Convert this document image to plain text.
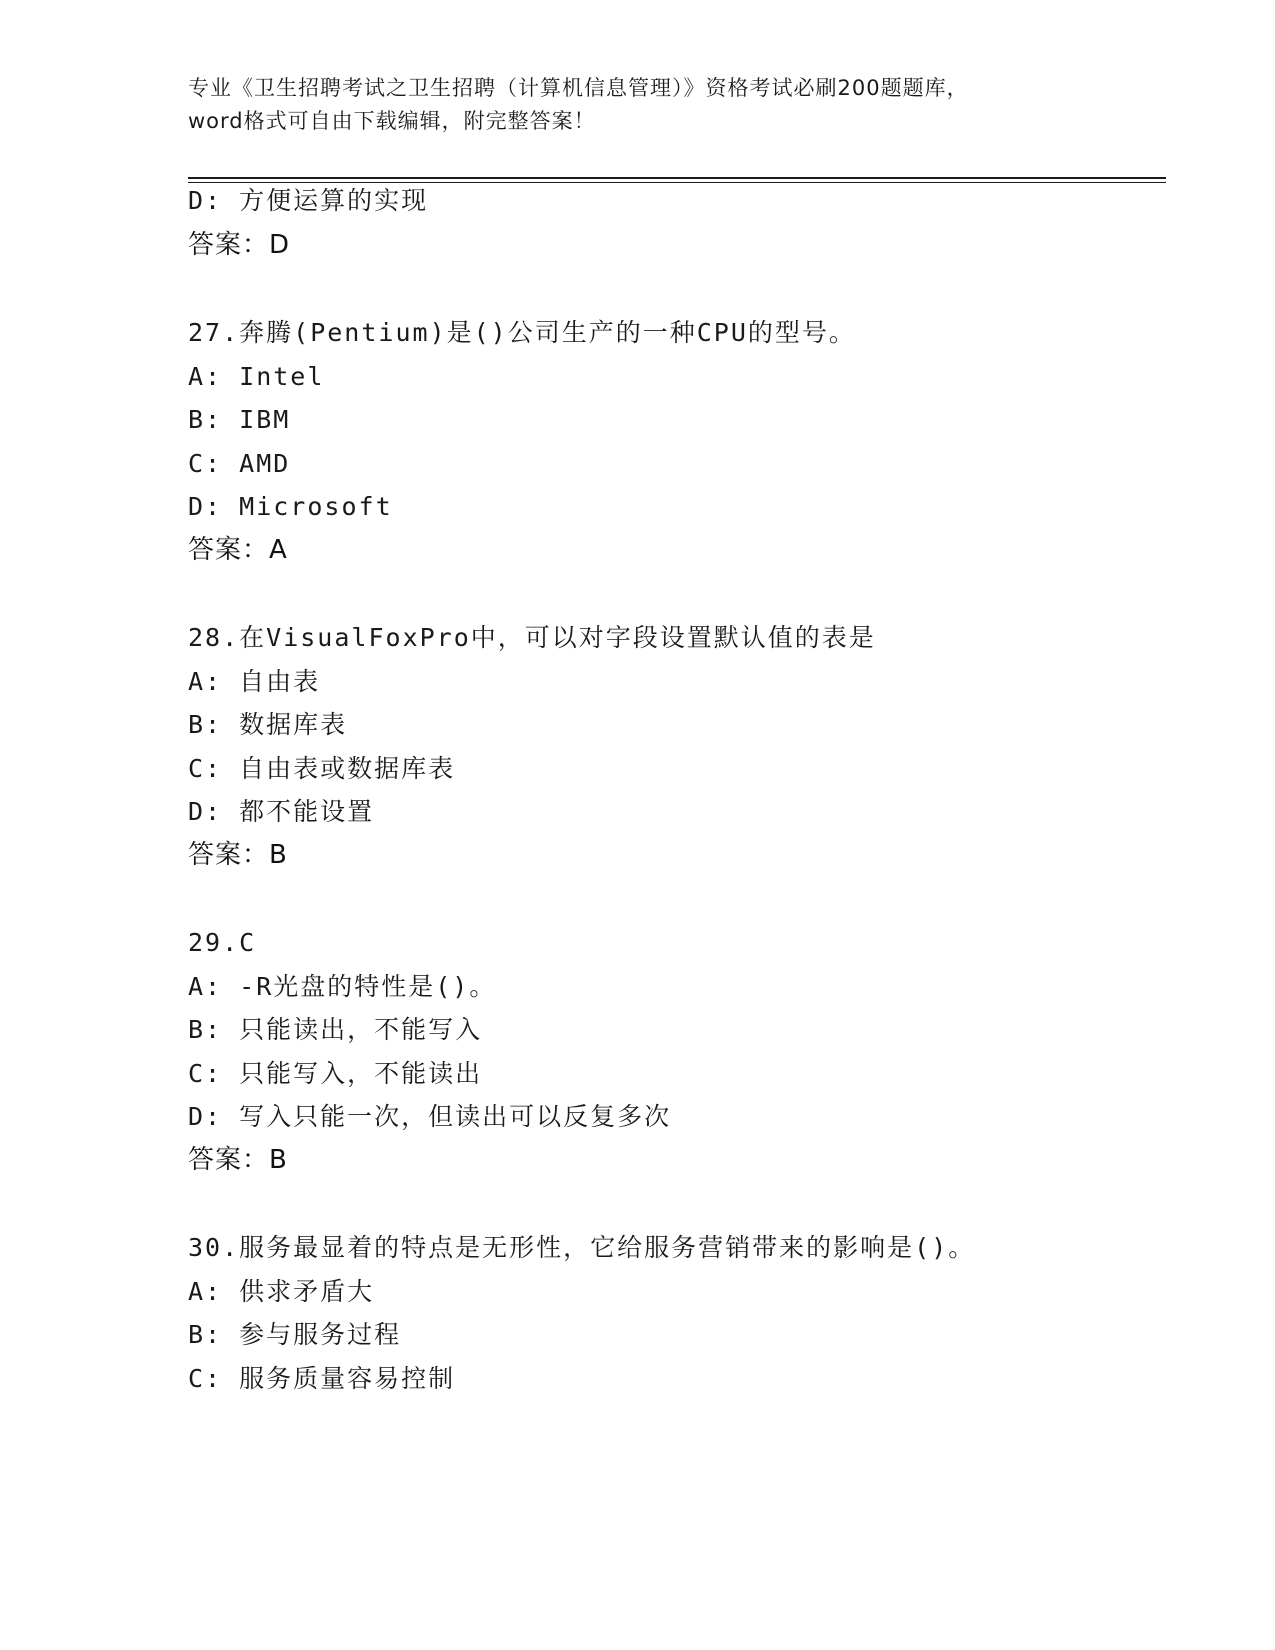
专业《卫生招聘考试之卫生招聘（计算机信息管理）》资格考试必刷200题题库，
word格式可自由下载编辑，附完整答案！
D: 方便运算的实现
答案：D
27.奔腾(Pentium)是()公司生产的一种CPU的型号。
A: Intel
B: IBM
C: AMD
D: Microsoft
答案：A
28.在VisualFoxPro中，可以对字段设置默认值的表是
A: 自由表
B: 数据库表
C: 自由表或数据库表
D: 都不能设置
答案：B
29.C
A: -R光盘的特性是()。
B: 只能读出，不能写入
C: 只能写入，不能读出
D: 写入只能一次，但读出可以反复多次
答案：B
30.服务最显着的特点是无形性，它给服务营销带来的影响是()。
A: 供求矛盾大
B: 参与服务过程
C: 服务质量容易控制
